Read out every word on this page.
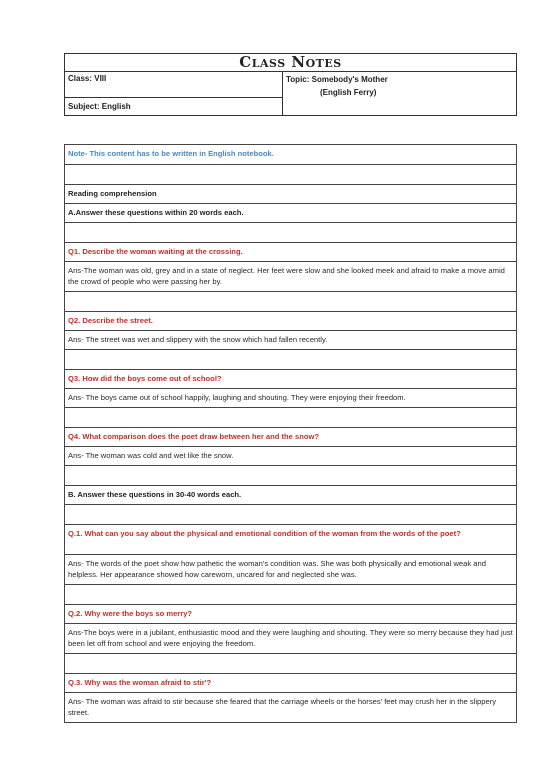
Class Notes
Class: VIII
Subject: English
Topic: Somebody's Mother
(English Ferry)
Note- This content has to be written in English notebook.
Reading comprehension
A.Answer these questions within 20 words each.
Q1. Describe the woman waiting at the crossing.
Ans-The woman was old, grey and in a state of neglect. Her feet were slow and she looked meek and afraid to make a move amid the crowd of people who were passing her by.
Q2. Describe the street.
Ans- The street was wet and slippery with the snow which had fallen recently.
Q3. How did the boys come out of school?
Ans- The boys came out of school happily, laughing and shouting. They were enjoying their freedom.
Q4. What comparison does the poet draw between her and the snow?
Ans- The woman was cold and wet like the snow.
B. Answer these questions in 30-40 words each.
Q.1. What can you say about the physical and emotional condition of the woman from the words of the poet?
Ans- The words of the poet show how pathetic the woman's condition was. She was both physically and emotional weak and helpless. Her appearance showed how careworn, uncared for and neglected she was.
Q.2. Why were the boys so merry?
Ans-The boys were in a jubilant, enthusiastic mood and they were laughing and shouting. They were so merry because they had just been let off from school and were enjoying the freedom.
Q.3. Why was the woman afraid to stir'?
Ans- The woman was afraid to stir because she feared that the carriage wheels or the horses' feet may crush her in the slippery street.
